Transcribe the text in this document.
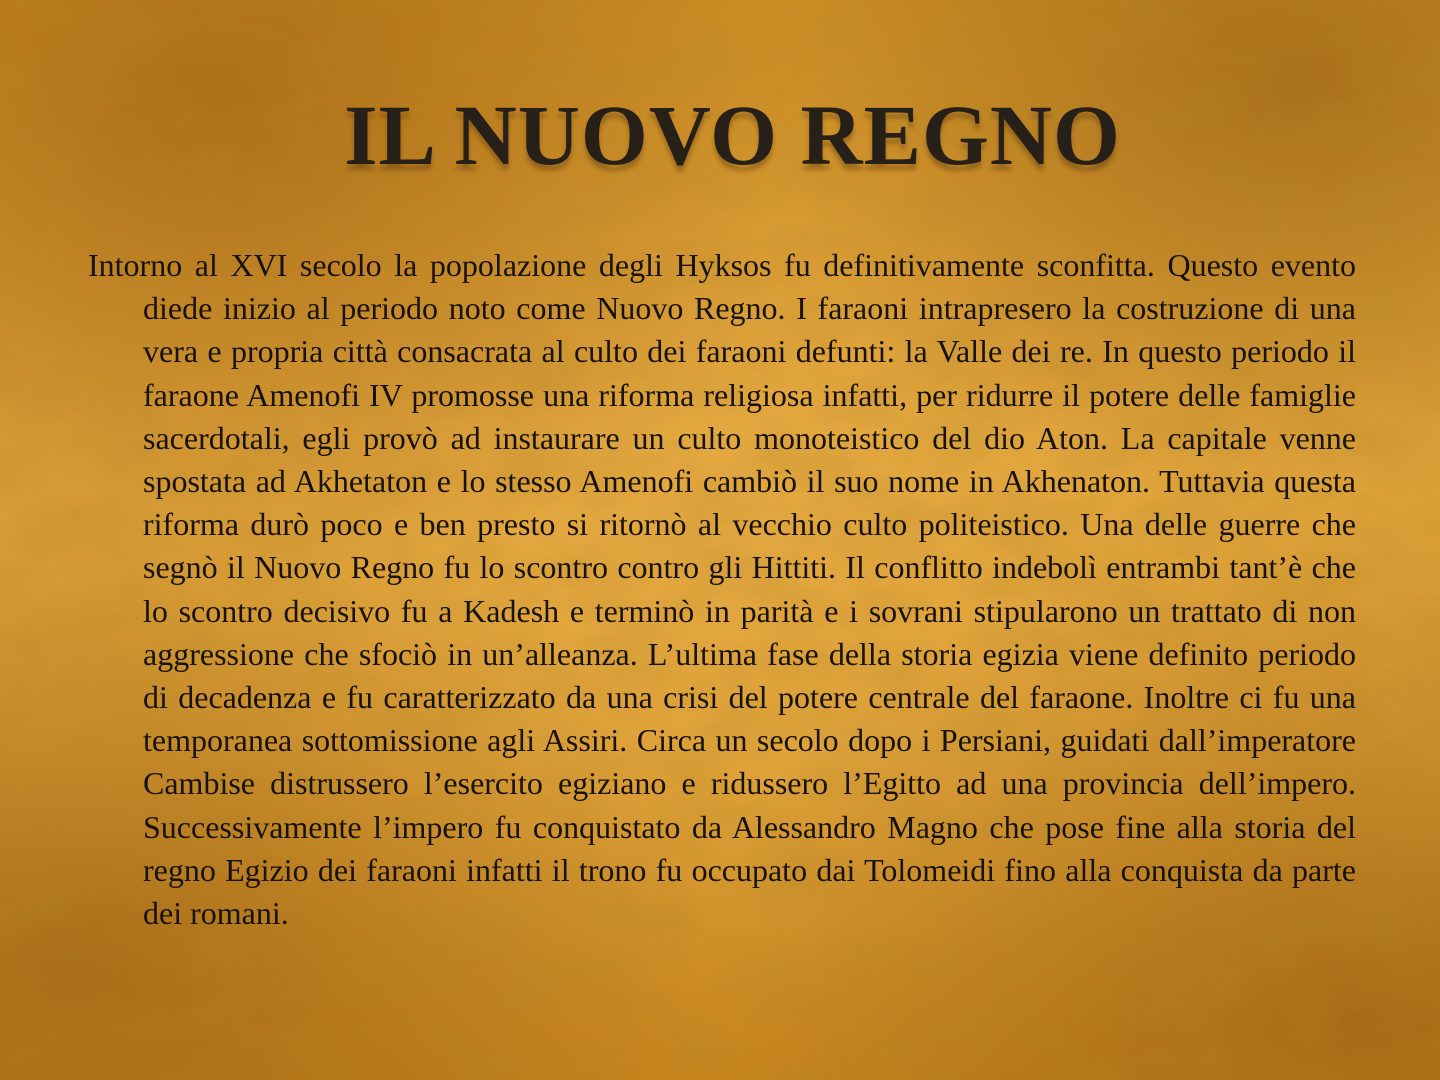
IL NUOVO REGNO

Intorno al XVI secolo la popolazione degli Hyksos fu definitivamente sconfitta. Questo evento diede inizio al periodo noto come Nuovo Regno. I faraoni intrapresero la costruzione di una vera e propria città consacrata al culto dei faraoni defunti: la Valle dei re. In questo periodo il faraone Amenofi IV promosse una riforma religiosa infatti, per ridurre il potere delle famiglie sacerdotali, egli provò ad instaurare un culto monoteistico del dio Aton. La capitale venne spostata ad Akhetaton e lo stesso Amenofi cambiò il suo nome in Akhenaton. Tuttavia questa riforma durò poco e ben presto si ritornò al vecchio culto politeistico. Una delle guerre che segnò il Nuovo Regno fu lo scontro contro gli Hittiti. Il conflitto indebolì entrambi tant’è che lo scontro decisivo fu a Kadesh e terminò in parità e i sovrani stipularono un trattato di non aggressione che sfociò in un’alleanza. L’ultima fase della storia egizia viene definito periodo di decadenza e fu caratterizzato da una crisi del potere centrale del faraone. Inoltre ci fu una temporanea sottomissione agli Assiri. Circa un secolo dopo i Persiani, guidati dall’imperatore Cambise distrussero l’esercito egiziano e ridussero l’Egitto ad una provincia dell’impero. Successivamente l’impero fu conquistato da Alessandro Magno che pose fine alla storia del regno Egizio dei faraoni infatti il trono fu occupato dai Tolomeidi fino alla conquista da parte dei romani.
